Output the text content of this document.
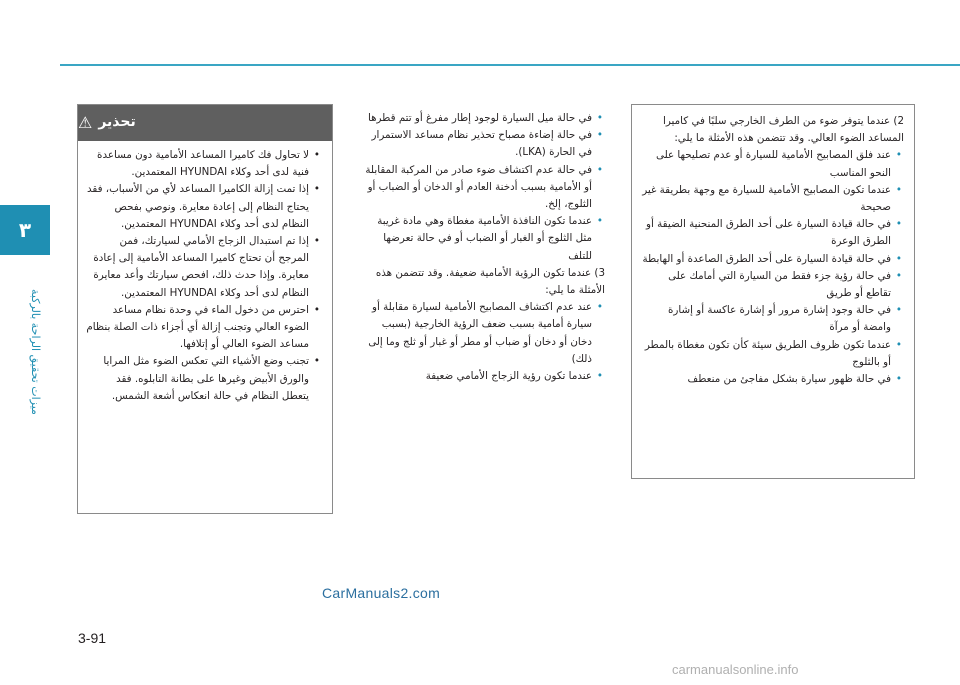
٣
ميزات تحقيق الراحة بالركبة

2) عندما يتوفر ضوء من الطرف الخارجي سلبًا في كاميرا المساعد الضوء العالي. وقد تتضمن هذه الأمثلة ما يلي:

• عند فلق المصابيح الأمامية للسيارة أو عدم تصليحها على النحو المناسب
• عندما تكون المصابيح الأمامية للسيارة مع وجهة بطريقة غير صحيحة
• في حالة قيادة السيارة على أحد الطرق المنحنية الضيقة أو الطرق الوعرة
• في حالة قيادة السيارة على أحد الطرق الصاعدة أو الهابطة
• في حالة رؤية جزء فقط من السيارة التي أمامك على تقاطع أو طريق
• في حالة وجود إشارة مرور أو إشارة عاكسة أو إشارة وامضة أو مرآة
• عندما تكون ظروف الطريق سيئة كأن تكون مغطاة بالمطر أو بالثلوج
• في حالة ظهور سيارة بشكل مفاجئ من منعطف
• في حالة ميل السيارة لوجود إطار مفرغ أو تتم قطرها
• في حالة إضاءة مصباح تحذير نظام مساعد الاستمرار في الحارة (LKA).
• في حالة عدم اكتشاف ضوء صادر من المركبة المقابلة أو الأمامية بسبب أدخنة العادم أو الدخان أو الضباب أو الثلوج، إلخ.
• عندما تكون النافذة الأمامية مغطاة وهي مادة غريبة مثل الثلوج أو الغبار أو الضباب أو في حالة تعرضها للتلف

3) عندما تكون الرؤية الأمامية ضعيفة. وقد تتضمن هذه الأمثلة ما يلي:

• عند عدم اكتشاف المصابيح الأمامية لسيارة مقابلة أو سيارة أمامية بسبب ضعف الرؤية الخارجية (بسبب دخان أو دخان أو ضباب أو مطر أو غبار أو ثلج وما إلى ذلك)
• عندما تكون رؤية الزجاج الأمامي ضعيفة
تحذير
⚠
• لا تحاول فك كاميرا المساعد الأمامية دون مساعدة فنية لدى أحد وكلاء HYUNDAI المعتمدين.
• إذا تمت إزالة الكاميرا المساعد لأي من الأسباب، فقد يحتاج النظام إلى إعادة معايرة. ونوصي بفحص النظام لدى أحد وكلاء HYUNDAI المعتمدين.
• إذا تم استبدال الزجاج الأمامي لسيارتك، فمن المرجح أن تحتاج كاميرا المساعد الأمامية إلى إعادة معايرة. وإذا حدث ذلك، افحص سيارتك وأعد معايرة النظام لدى أحد وكلاء HYUNDAI المعتمدين.
• احترس من دخول الماء في وحدة نظام مساعد الضوء العالي وتجنب إزالة أي أجزاء ذات الصلة بنظام مساعد الضوء العالي أو إتلافها.
• تجنب وضع الأشياء التي تعكس الضوء مثل المرايا والورق الأبيض وغيرها على بطانة التابلوه. فقد يتعطل النظام في حالة انعكاس أشعة الشمس.
CarManuals2.com
3-91
carmanualsonline.info
